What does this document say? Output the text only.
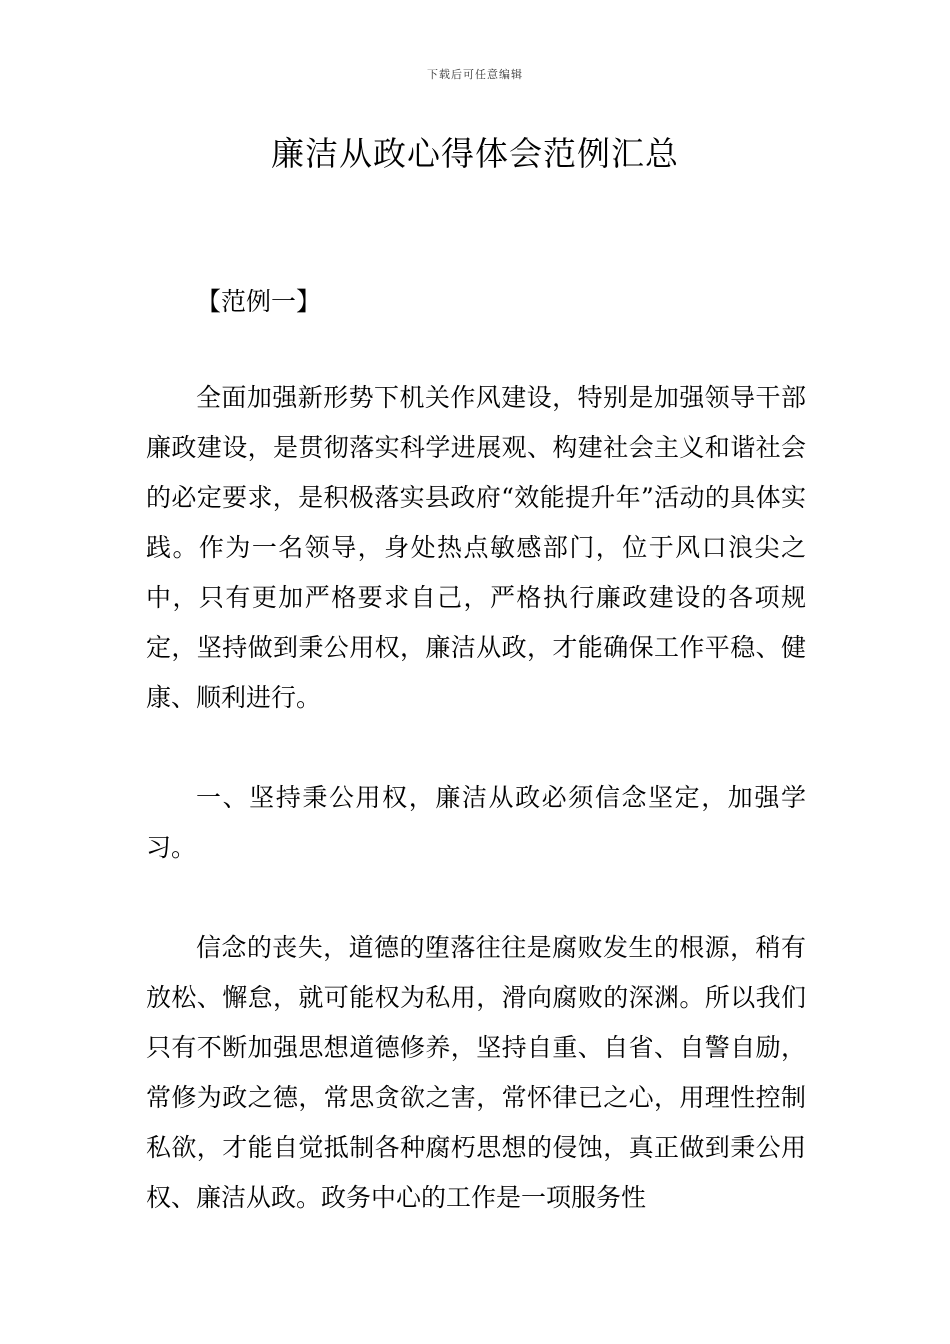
下载后可任意编辑
廉洁从政心得体会范例汇总

【范例一】

全面加强新形势下机关作风建设，特别是加强领导干部廉政建设，是贯彻落实科学进展观、构建社会主义和谐社会的必定要求，是积极落实县政府“效能提升年”活动的具体实践。作为一名领导，身处热点敏感部门，位于风口浪尖之中，只有更加严格要求自己，严格执行廉政建设的各项规定，坚持做到秉公用权，廉洁从政，才能确保工作平稳、健康、顺利进行。

一、坚持秉公用权，廉洁从政必须信念坚定，加强学习。

信念的丧失，道德的堕落往往是腐败发生的根源，稍有放松、懈怠，就可能权为私用，滑向腐败的深渊。所以我们只有不断加强思想道德修养，坚持自重、自省、自警自励，常修为政之德，常思贪欲之害，常怀律已之心，用理性控制私欲，才能自觉抵制各种腐朽思想的侵蚀，真正做到秉公用权、廉洁从政。政务中心的工作是一项服务性
